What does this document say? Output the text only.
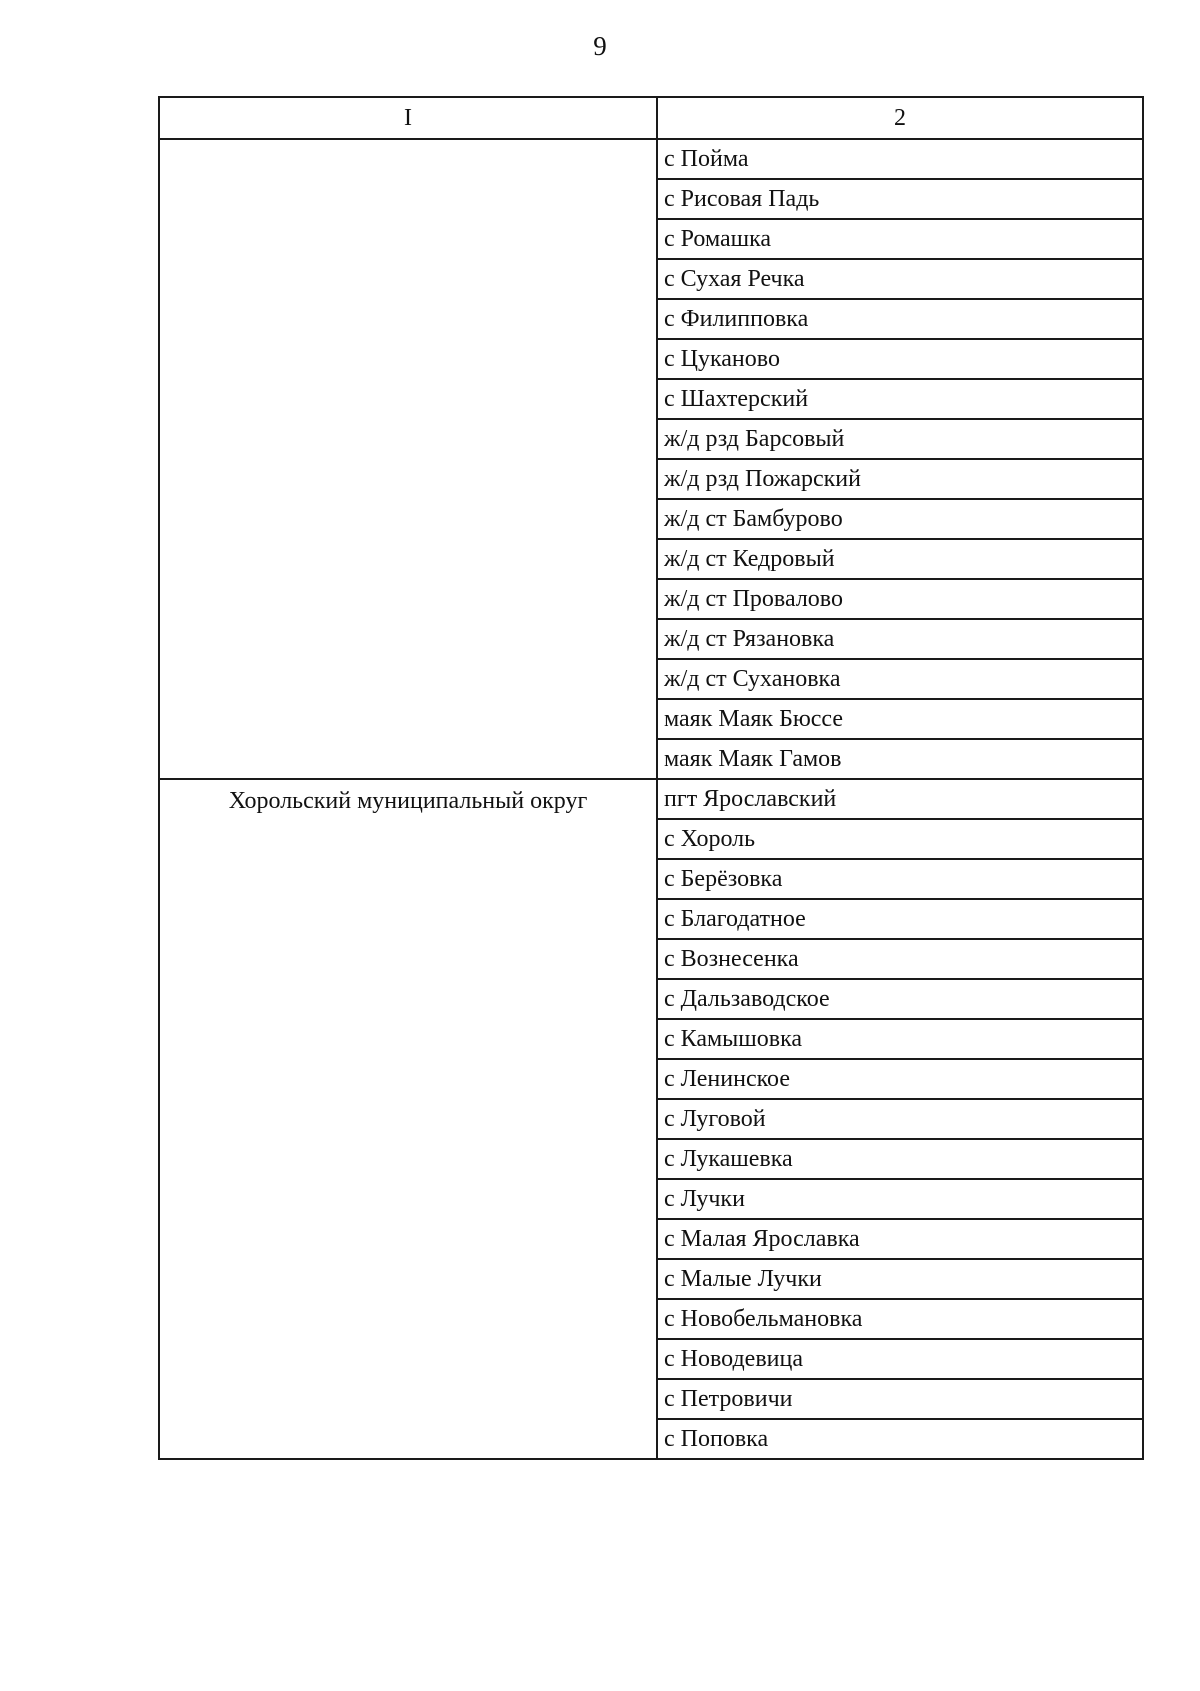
9
I	2
	с Пойма
	с Рисовая Падь
	с Ромашка
	с Сухая Речка
	с Филипповка
	с Цуканово
	с Шахтерский
	ж/д рзд Барсовый
	ж/д рзд Пожарский
	ж/д ст Бамбурово
	ж/д ст Кедровый
	ж/д ст Провалово
	ж/д ст Рязановка
	ж/д ст Сухановка
	маяк Маяк Бюссе
	маяк Маяк Гамов
Хорольский муниципальный округ	пгт Ярославский
	с Хороль
	с Берёзовка
	с Благодатное
	с Вознесенка
	с Дальзаводское
	с Камышовка
	с Ленинское
	с Луговой
	с Лукашевка
	с Лучки
	с Малая Ярославка
	с Малые Лучки
	с Новобельмановка
	с Новодевица
	с Петровичи
	с Поповка
